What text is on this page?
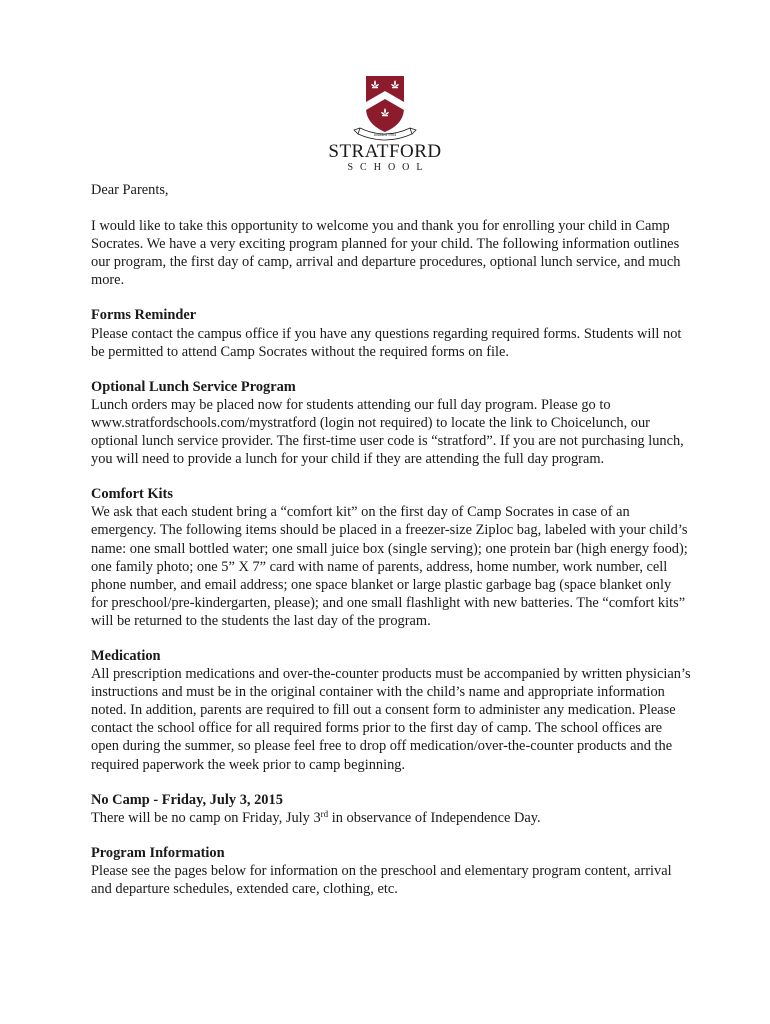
founded 1984
STRATFORD
SCHOOL

Dear Parents,

I would like to take this opportunity to welcome you and thank you for enrolling your child in Camp Socrates. We have a very exciting program planned for your child. The following information outlines our program, the first day of camp, arrival and departure procedures, optional lunch service, and much more.

Forms Reminder

Please contact the campus office if you have any questions regarding required forms. Students will not be permitted to attend Camp Socrates without the required forms on file.

Optional Lunch Service Program

Lunch orders may be placed now for students attending our full day program. Please go to www.stratfordschools.com/mystratford (login not required) to locate the link to Choicelunch, our optional lunch service provider. The first-time user code is “stratford”. If you are not purchasing lunch, you will need to provide a lunch for your child if they are attending the full day program.

Comfort Kits

We ask that each student bring a “comfort kit” on the first day of Camp Socrates in case of an emergency. The following items should be placed in a freezer-size Ziploc bag, labeled with your child’s name: one small bottled water; one small juice box (single serving); one protein bar (high energy food); one family photo; one 5” X 7” card with name of parents, address, home number, work number, cell phone number, and email address; one space blanket or large plastic garbage bag (space blanket only for preschool/pre-kindergarten, please); and one small flashlight with new batteries. The “comfort kits” will be returned to the students the last day of the program.

Medication

All prescription medications and over-the-counter products must be accompanied by written physician’s instructions and must be in the original container with the child’s name and appropriate information noted. In addition, parents are required to fill out a consent form to administer any medication. Please contact the school office for all required forms prior to the first day of camp. The school offices are open during the summer, so please feel free to drop off medication/over-the-counter products and the required paperwork the week prior to camp beginning.

No Camp - Friday, July 3, 2015

There will be no camp on Friday, July 3rd in observance of Independence Day.

Program Information

Please see the pages below for information on the preschool and elementary program content, arrival and departure schedules, extended care, clothing, etc.
